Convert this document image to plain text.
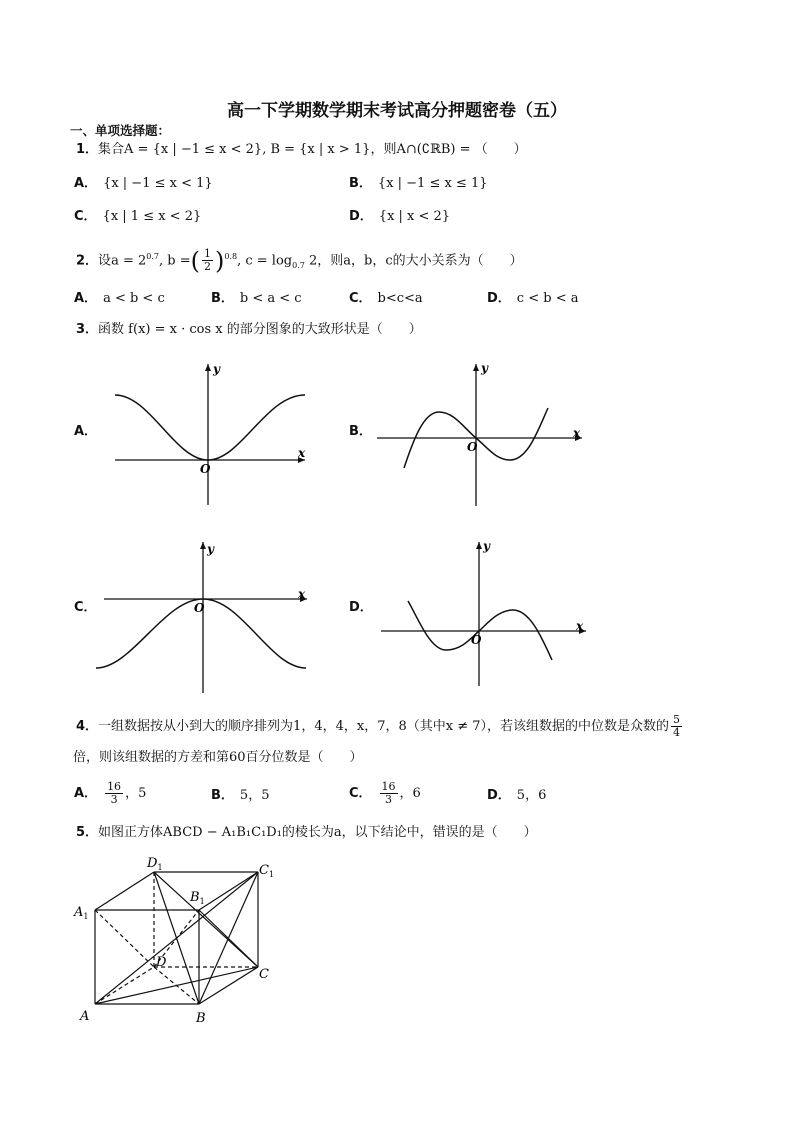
高一下学期数学期末考试高分押题密卷（五）
一、单项选择题：
1．集合A = {x | −1 ≤ x < 2}, B = {x | x > 1}，则A∩(∁ℝB) = （　　）
A． {x | −1 ≤ x < 1}	B． {x | −1 ≤ x ≤ 1}
C． {x | 1 ≤ x < 2}	D． {x | x < 2}
2．设$a = 2^{0.7}$, b =( $\frac{1}{2} )^{0.8}$, $c = \log_{0.7} 2$，则a，b，c的大小关系为（　　）
A． a < b < c	B． b < a < c	C． b<c<a	D． c < b < a
3．函数 f(x) = x · cos x 的部分图象的大致形状是（　　）
A．	B．
C．	D．
x
y
O
x
y
O
x
y
O
x
y
O
4．一组数据按从小到大的顺序排列为1，4，4，x，7，8（其中x ≠ 7），若该组数据的中位数是众数的 $\frac{5}{4}$
倍，则该组数据的方差和第60百分位数是（　　）
A． $\frac{16}{3}$ ，5	B． 5，5	C． $\frac{16}{3}$ ，6	D． 5，6
5．如图正方体ABCD − A₁B₁C₁D₁的棱长为a，以下结论中，错误的是（　　）
A	B
C
D
$A_1$
$B_1$
$C_1$
$D_1$
